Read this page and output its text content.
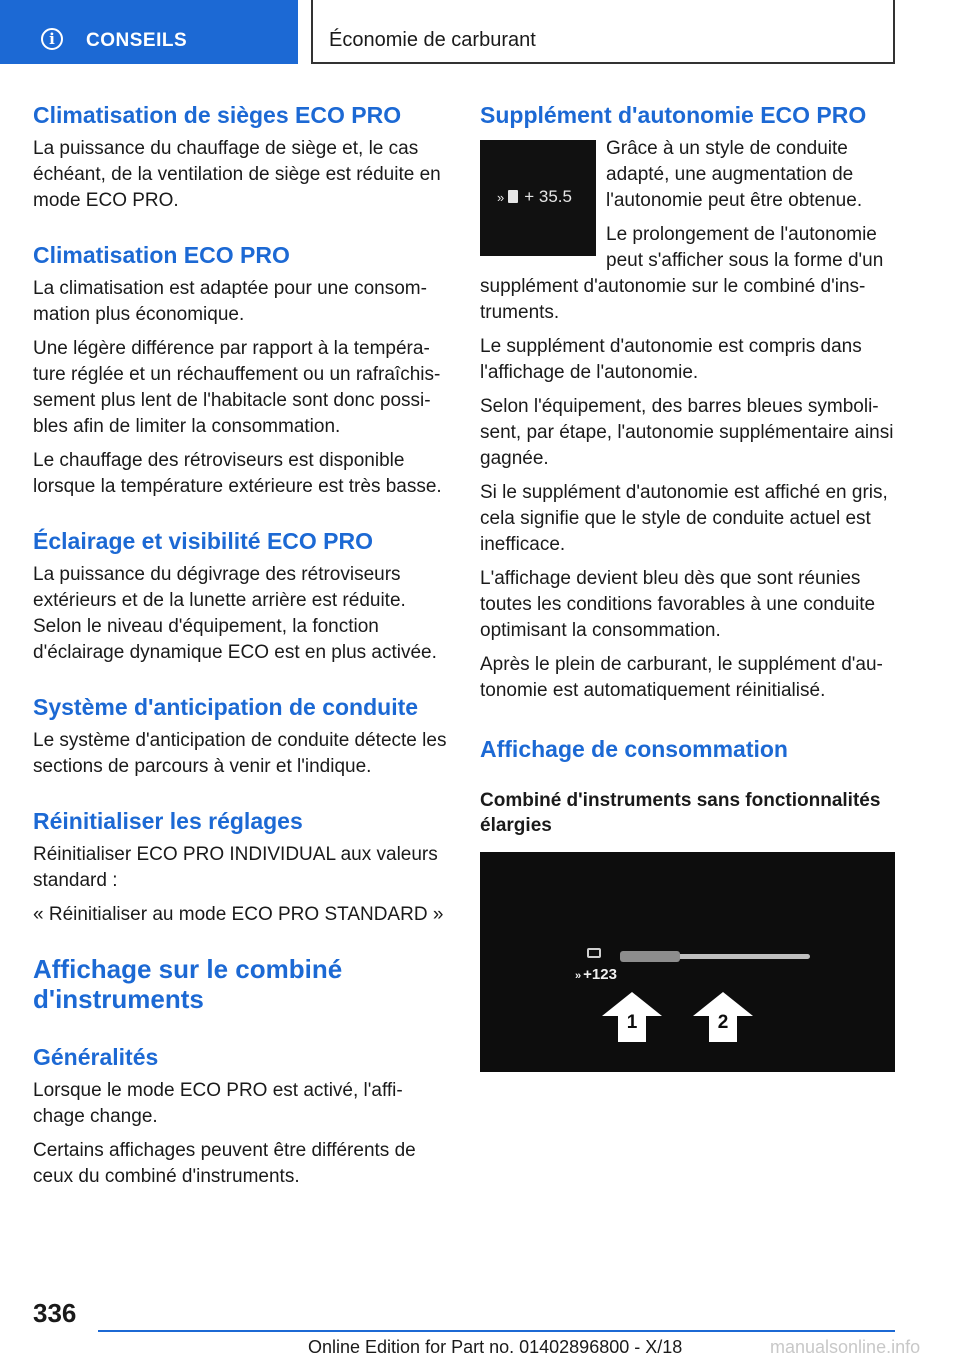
i	CONSEILS	Économie de carburant
Climatisation de sièges ECO PRO

La puissance du chauffage de siège et, le cas échéant, de la ventilation de siège est réduite en mode ECO PRO.

Climatisation ECO PRO

La climatisation est adaptée pour une consommation plus économique.

Une légère différence par rapport à la température réglée et un réchauffement ou un rafraîchissement plus lent de l'habitacle sont donc possibles afin de limiter la consommation.

Le chauffage des rétroviseurs est disponible lorsque la température extérieure est très basse.

Éclairage et visibilité ECO PRO

La puissance du dégivrage des rétroviseurs extérieurs et de la lunette arrière est réduite. Selon le niveau d'équipement, la fonction d'éclairage dynamique ECO est en plus activée.

Système d'anticipation de conduite

Le système d'anticipation de conduite détecte les sections de parcours à venir et l'indique.

Réinitialiser les réglages

Réinitialiser ECO PRO INDIVIDUAL aux valeurs standard :

« Réinitialiser au mode ECO PRO STANDARD »

Affichage sur le combiné d'instruments
Généralités

Lorsque le mode ECO PRO est activé, l'affichage change.

Certains affichages peuvent être différents de ceux du combiné d'instruments.

Supplément d'autonomie ECO PRO
» + 35.5

Grâce à un style de conduite adapté, une augmentation de l'autonomie peut être obtenue.

Le prolongement de l'autonomie peut s'afficher sous la forme d'un supplément d'autonomie sur le combiné d'instruments.

Le supplément d'autonomie est compris dans l'affichage de l'autonomie.

Selon l'équipement, des barres bleues symbolisent, par étape, l'autonomie supplémentaire ainsi gagnée.

Si le supplément d'autonomie est affiché en gris, cela signifie que le style de conduite actuel est inefficace.

L'affichage devient bleu dès que sont réunies toutes les conditions favorables à une conduite optimisant la consommation.

Après le plein de carburant, le supplément d'autonomie est automatiquement réinitialisé.

Affichage de consommation
Combiné d'instruments sans fonctionnalités élargies
» +123
1	2
336
Online Edition for Part no. 01402896800 - X/18	manualsonline.info
